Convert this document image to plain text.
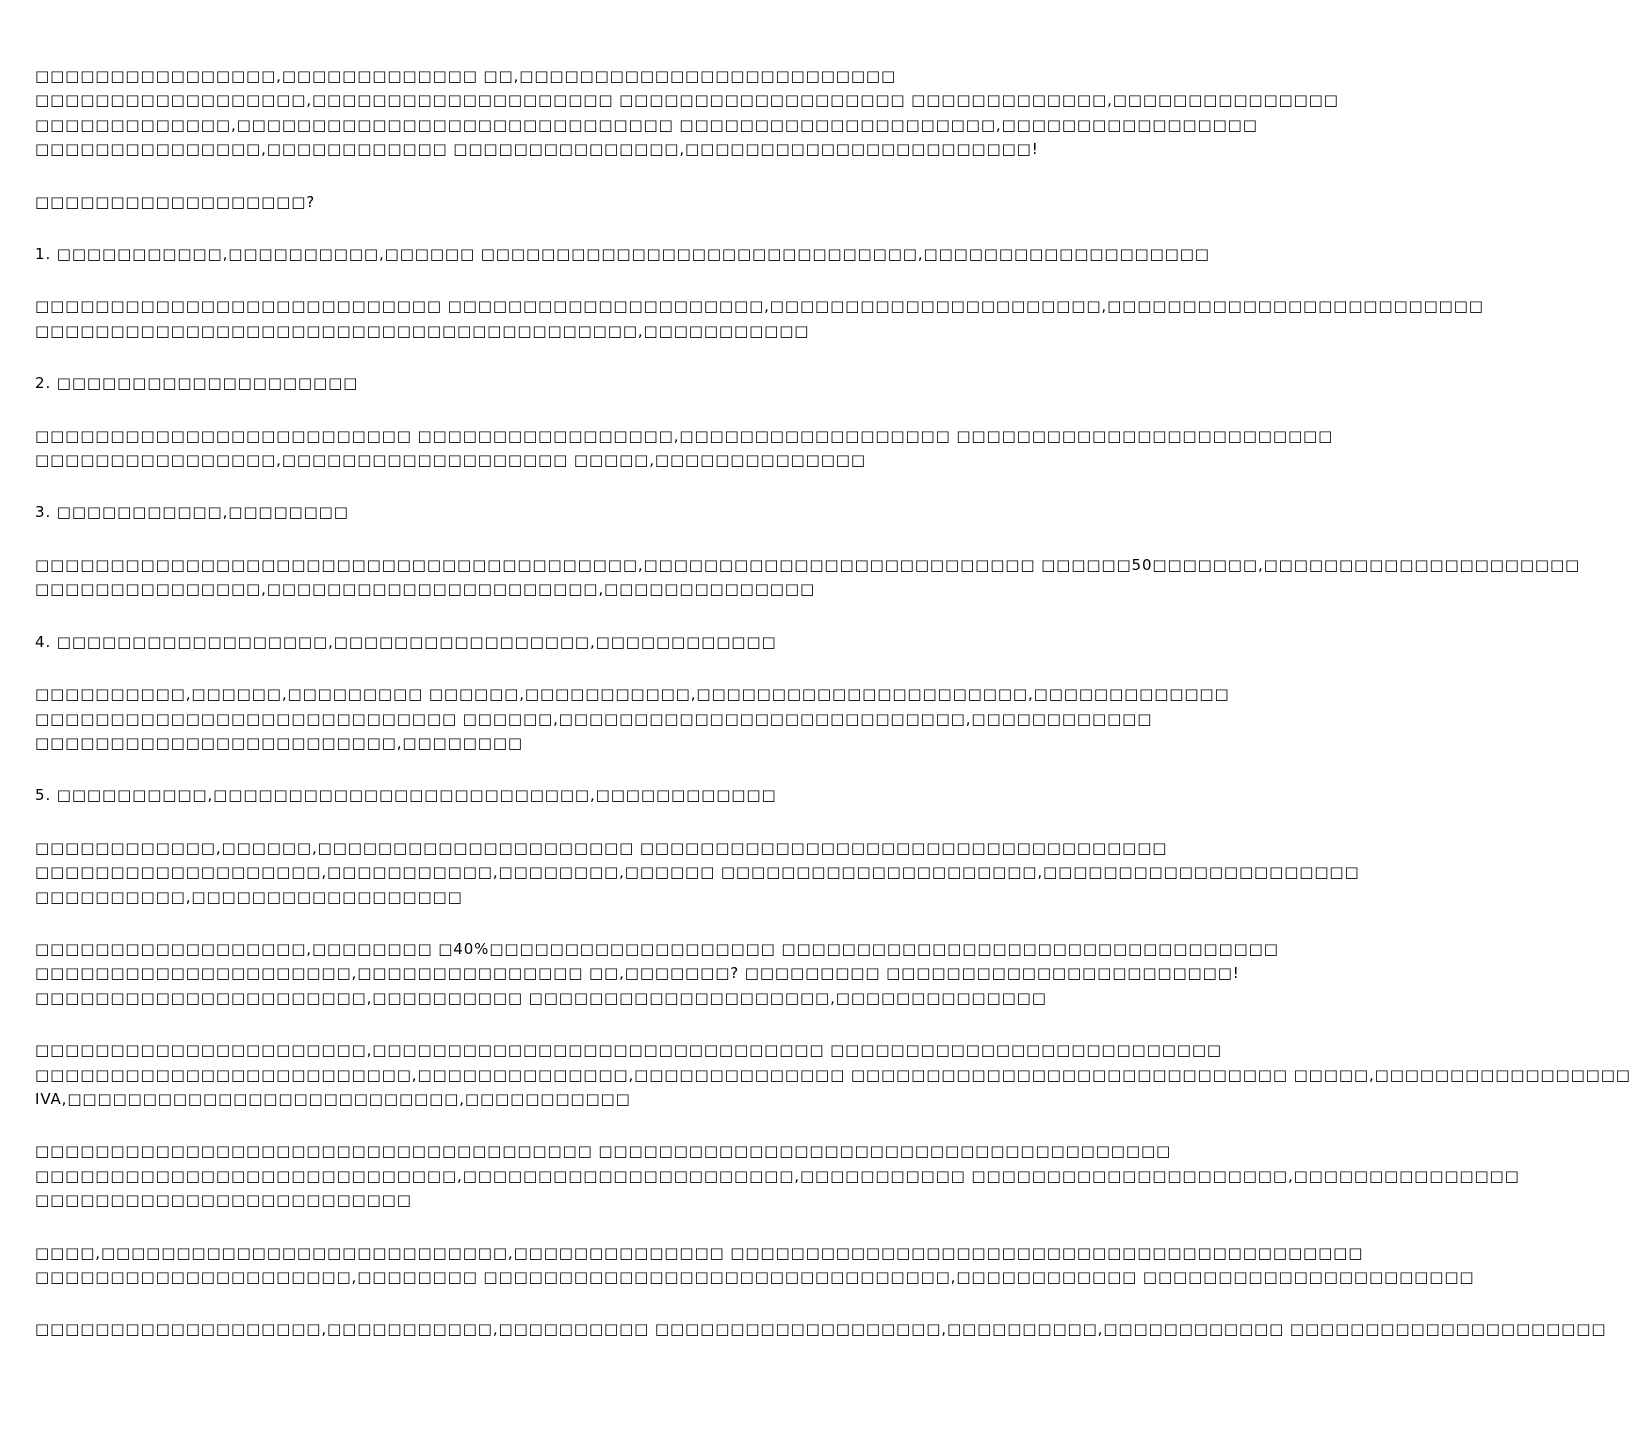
□□□□□□□□□□□□□□□□,□□□□□□□□□□□□□ □□,□□□□□□□□□□□□□□□□□□□□□□□□□
□□□□□□□□□□□□□□□□□□,□□□□□□□□□□□□□□□□□□□□ □□□□□□□□□□□□□□□□□□□ □□□□□□□□□□□□□,□□□□□□□□□□□□□□□
□□□□□□□□□□□□□,□□□□□□□□□□□□□□□□□□□□□□□□□□□□□ □□□□□□□□□□□□□□□□□□□□□,□□□□□□□□□□□□□□□□□
□□□□□□□□□□□□□□□,□□□□□□□□□□□□ □□□□□□□□□□□□□□□,□□□□□□□□□□□□□□□□□□□□□□□!
□□□□□□□□□□□□□□□□□□?
1. □□□□□□□□□□□,□□□□□□□□□□,□□□□□□ □□□□□□□□□□□□□□□□□□□□□□□□□□□□□,□□□□□□□□□□□□□□□□□□□
□□□□□□□□□□□□□□□□□□□□□□□□□□□ □□□□□□□□□□□□□□□□□□□□□,□□□□□□□□□□□□□□□□□□□□□□,□□□□□□□□□□□□□□□□□□□□□□□□□
□□□□□□□□□□□□□□□□□□□□□□□□□□□□□□□□□□□□□□□□,□□□□□□□□□□□
2. □□□□□□□□□□□□□□□□□□□□
□□□□□□□□□□□□□□□□□□□□□□□□□ □□□□□□□□□□□□□□□□□,□□□□□□□□□□□□□□□□□□ □□□□□□□□□□□□□□□□□□□□□□□□□
□□□□□□□□□□□□□□□□,□□□□□□□□□□□□□□□□□□□ □□□□□,□□□□□□□□□□□□□□
3. □□□□□□□□□□□,□□□□□□□□
□□□□□□□□□□□□□□□□□□□□□□□□□□□□□□□□□□□□□□□□,□□□□□□□□□□□□□□□□□□□□□□□□□□ □□□□□□50□□□□□□□,□□□□□□□□□□□□□□□□□□□□□
□□□□□□□□□□□□□□□,□□□□□□□□□□□□□□□□□□□□□□,□□□□□□□□□□□□□□
4. □□□□□□□□□□□□□□□□□□,□□□□□□□□□□□□□□□□□,□□□□□□□□□□□□
□□□□□□□□□□,□□□□□□,□□□□□□□□□ □□□□□□,□□□□□□□□□□□,□□□□□□□□□□□□□□□□□□□□□□,□□□□□□□□□□□□□
□□□□□□□□□□□□□□□□□□□□□□□□□□□□ □□□□□□,□□□□□□□□□□□□□□□□□□□□□□□□□□□,□□□□□□□□□□□□
□□□□□□□□□□□□□□□□□□□□□□□□,□□□□□□□□
5. □□□□□□□□□□,□□□□□□□□□□□□□□□□□□□□□□□□□,□□□□□□□□□□□□
□□□□□□□□□□□□,□□□□□□,□□□□□□□□□□□□□□□□□□□□□ □□□□□□□□□□□□□□□□□□□□□□□□□□□□□□□□□□□
□□□□□□□□□□□□□□□□□□□,□□□□□□□□□□□,□□□□□□□□,□□□□□□ □□□□□□□□□□□□□□□□□□□□□,□□□□□□□□□□□□□□□□□□□□□
□□□□□□□□□□,□□□□□□□□□□□□□□□□□□
□□□□□□□□□□□□□□□□□□,□□□□□□□□ □40%□□□□□□□□□□□□□□□□□□□ □□□□□□□□□□□□□□□□□□□□□□□□□□□□□□□□□
□□□□□□□□□□□□□□□□□□□□□,□□□□□□□□□□□□□□□ □□,□□□□□□□? □□□□□□□□□ □□□□□□□□□□□□□□□□□□□□□□□!
□□□□□□□□□□□□□□□□□□□□□□,□□□□□□□□□□ □□□□□□□□□□□□□□□□□□□□,□□□□□□□□□□□□□□
□□□□□□□□□□□□□□□□□□□□□□,□□□□□□□□□□□□□□□□□□□□□□□□□□□□□□ □□□□□□□□□□□□□□□□□□□□□□□□□□
□□□□□□□□□□□□□□□□□□□□□□□□□,□□□□□□□□□□□□□□,□□□□□□□□□□□□□□ □□□□□□□□□□□□□□□□□□□□□□□□□□□□□ □□□□□,□□□□□□□□□□□□□□□□□
IVA,□□□□□□□□□□□□□□□□□□□□□□□□□□,□□□□□□□□□□□
□□□□□□□□□□□□□□□□□□□□□□□□□□□□□□□□□□□□□ □□□□□□□□□□□□□□□□□□□□□□□□□□□□□□□□□□□□□□
□□□□□□□□□□□□□□□□□□□□□□□□□□□□,□□□□□□□□□□□□□□□□□□□□□□,□□□□□□□□□□□ □□□□□□□□□□□□□□□□□□□□□,□□□□□□□□□□□□□□□
□□□□□□□□□□□□□□□□□□□□□□□□□
□□□□,□□□□□□□□□□□□□□□□□□□□□□□□□□□,□□□□□□□□□□□□□□ □□□□□□□□□□□□□□□□□□□□□□□□□□□□□□□□□□□□□□□□□□
□□□□□□□□□□□□□□□□□□□□□,□□□□□□□□ □□□□□□□□□□□□□□□□□□□□□□□□□□□□□□□,□□□□□□□□□□□□ □□□□□□□□□□□□□□□□□□□□□□
□□□□□□□□□□□□□□□□□□□,□□□□□□□□□□□,□□□□□□□□□□ □□□□□□□□□□□□□□□□□□□,□□□□□□□□□□,□□□□□□□□□□□□ □□□□□□□□□□□□□□□□□□□□□
